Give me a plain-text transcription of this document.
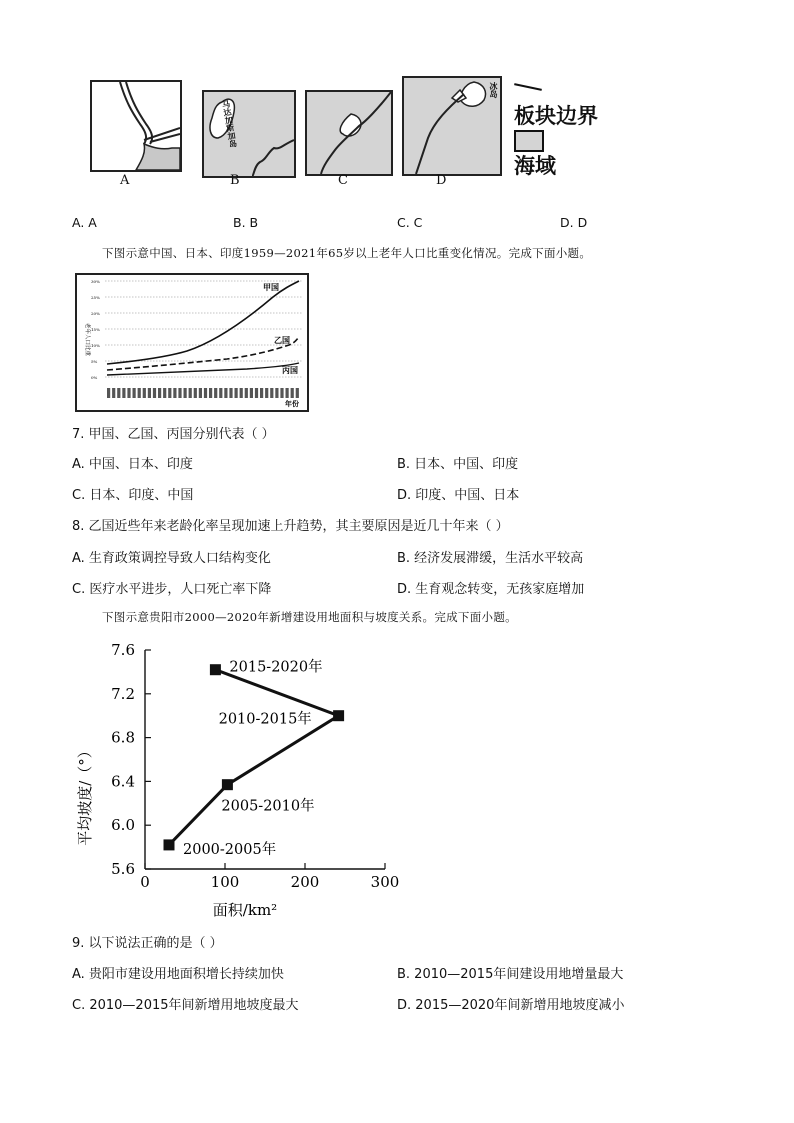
A
马达加斯加岛
B	C
冰岛
D
板块边界
海域
A. A	B. B	C. C	D. D
下图示意中国、日本、印度1959—2021年65岁以上老年人口比重变化情况。完成下面小题。
30%
25%
20%
15%
10%
5%
0%
老年人口比重
甲国
乙国
丙国
年份
7. 甲国、乙国、丙国分别代表（ ）
A. 中国、日本、印度	B. 日本、中国、印度
C. 日本、印度、中国	D. 印度、中国、日本
8. 乙国近些年来老龄化率呈现加速上升趋势，其主要原因是近几十年来（ ）
A. 生育政策调控导致人口结构变化	B. 经济发展滞缓，生活水平较高
C. 医疗水平进步，人口死亡率下降	D. 生育观念转变，无孩家庭增加
下图示意贵阳市2000—2020年新增建设用地面积与坡度关系。完成下面小题。
5.6
6.0
6.4
6.8
7.2
7.6
0	100	200	300
面积/km²
平均坡度/（°）
2000-2005年
2005-2010年
2010-2015年
2015-2020年
9. 以下说法正确的是（ ）
A. 贵阳市建设用地面积增长持续加快	B. 2010—2015年间建设用地增量最大
C. 2010—2015年间新增用地坡度最大	D. 2015—2020年间新增用地坡度减小
